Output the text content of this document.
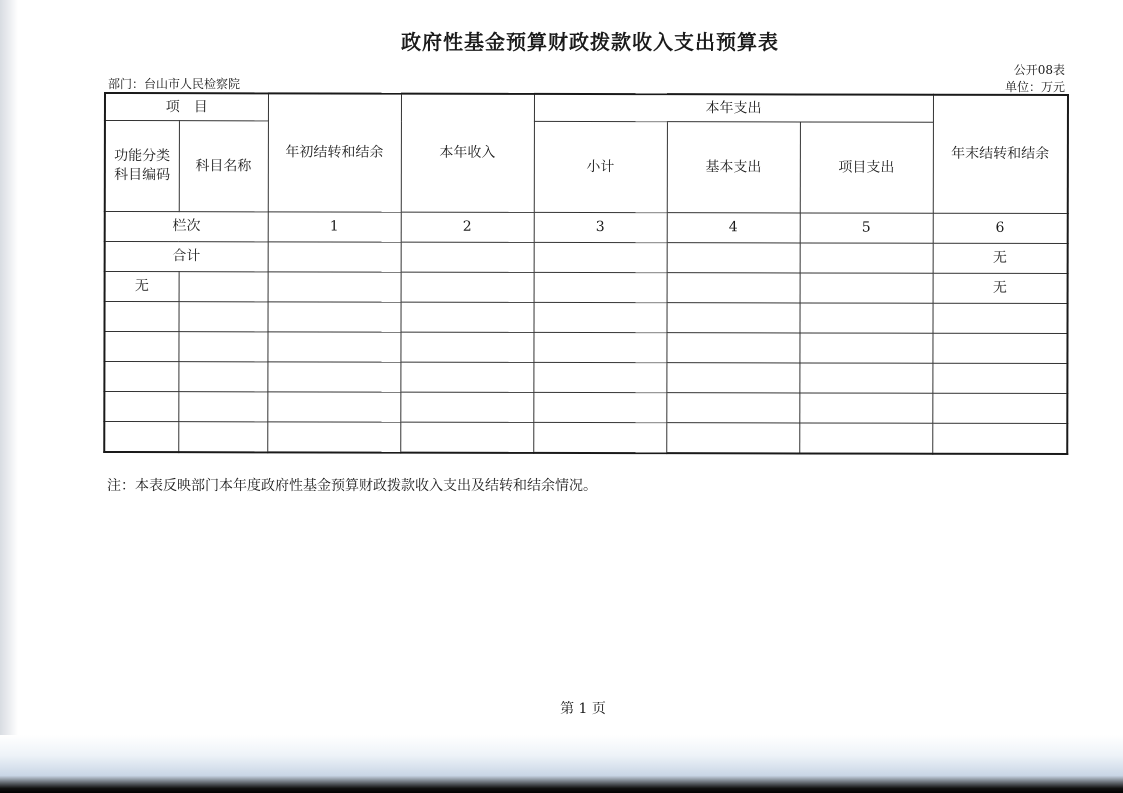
政府性基金预算财政拨款收入支出预算表
部门：台山市人民检察院
公开08表
单位：万元
项　目		年初结转和结余	本年收入	本年支出			年末结转和结余
功能分类
科目编码	科目名称			小计	基本支出	项目支出	
栏次		1	2	3	4	5	6
合计							无
无							无

注：本表反映部门本年度政府性基金预算财政拨款收入支出及结转和结余情况。
第 1 页
